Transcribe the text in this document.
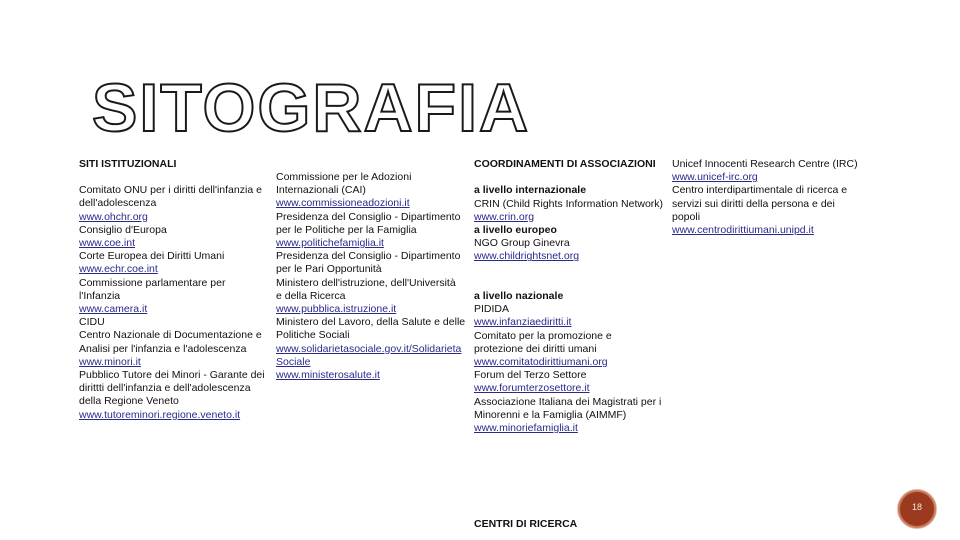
SITOGRAFIA
SITI ISTITUZIONALI
Comitato ONU per i diritti dell'infanzia e
dell'adolescenza
www.ohchr.org
Consiglio d'Europa
www.coe.int
Corte Europea dei Diritti Umani
www.echr.coe.int
Commissione parlamentare per
l'Infanzia
www.camera.it
CIDU
Centro Nazionale di Documentazione e
Analisi per l'infanzia e l'adolescenza
www.minori.it
Pubblico Tutore dei Minori - Garante dei
dirittti dell'infanzia e dell'adolescenza
della Regione Veneto
www.tutoreminori.regione.veneto.it
Commissione per le Adozioni
Internazionali (CAI)
www.commissioneadozioni.it
Presidenza del Consiglio - Dipartimento
per le Politiche per la Famiglia
www.politichefamiglia.it
Presidenza del Consiglio - Dipartimento
per le Pari Opportunità
Ministero dell'istruzione, dell'Università
e della Ricerca
www.pubblica.istruzione.it
Ministero del Lavoro, della Salute e delle
Politiche Sociali
www.solidarietasociale.gov.it/Solidarieta
Sociale
www.ministerosalute.it
COORDINAMENTI DI ASSOCIAZIONI

a livello internazionale
CRIN (Child Rights Information Network)
www.crin.org
a livello europeo
NGO Group Ginevra
www.childrightsnet.org

a livello nazionale
PIDIDA
www.infanziaediritti.it
Comitato per la promozione e
protezione dei diritti umani
www.comitatodirittiumani.org
Forum del Terzo Settore
www.forumterzosettore.it
Associazione Italiana dei Magistrati per i
Minorenni e la Famiglia (AIMMF)
www.minoriefamiglia.it
Unicef Innocenti Research Centre (IRC)
www.unicef-irc.org
Centro interdipartimentale di ricerca e
servizi sui diritti della persona e dei
popoli
www.centrodirittiumani.unipd.it
CENTRI DI RICERCA
18
